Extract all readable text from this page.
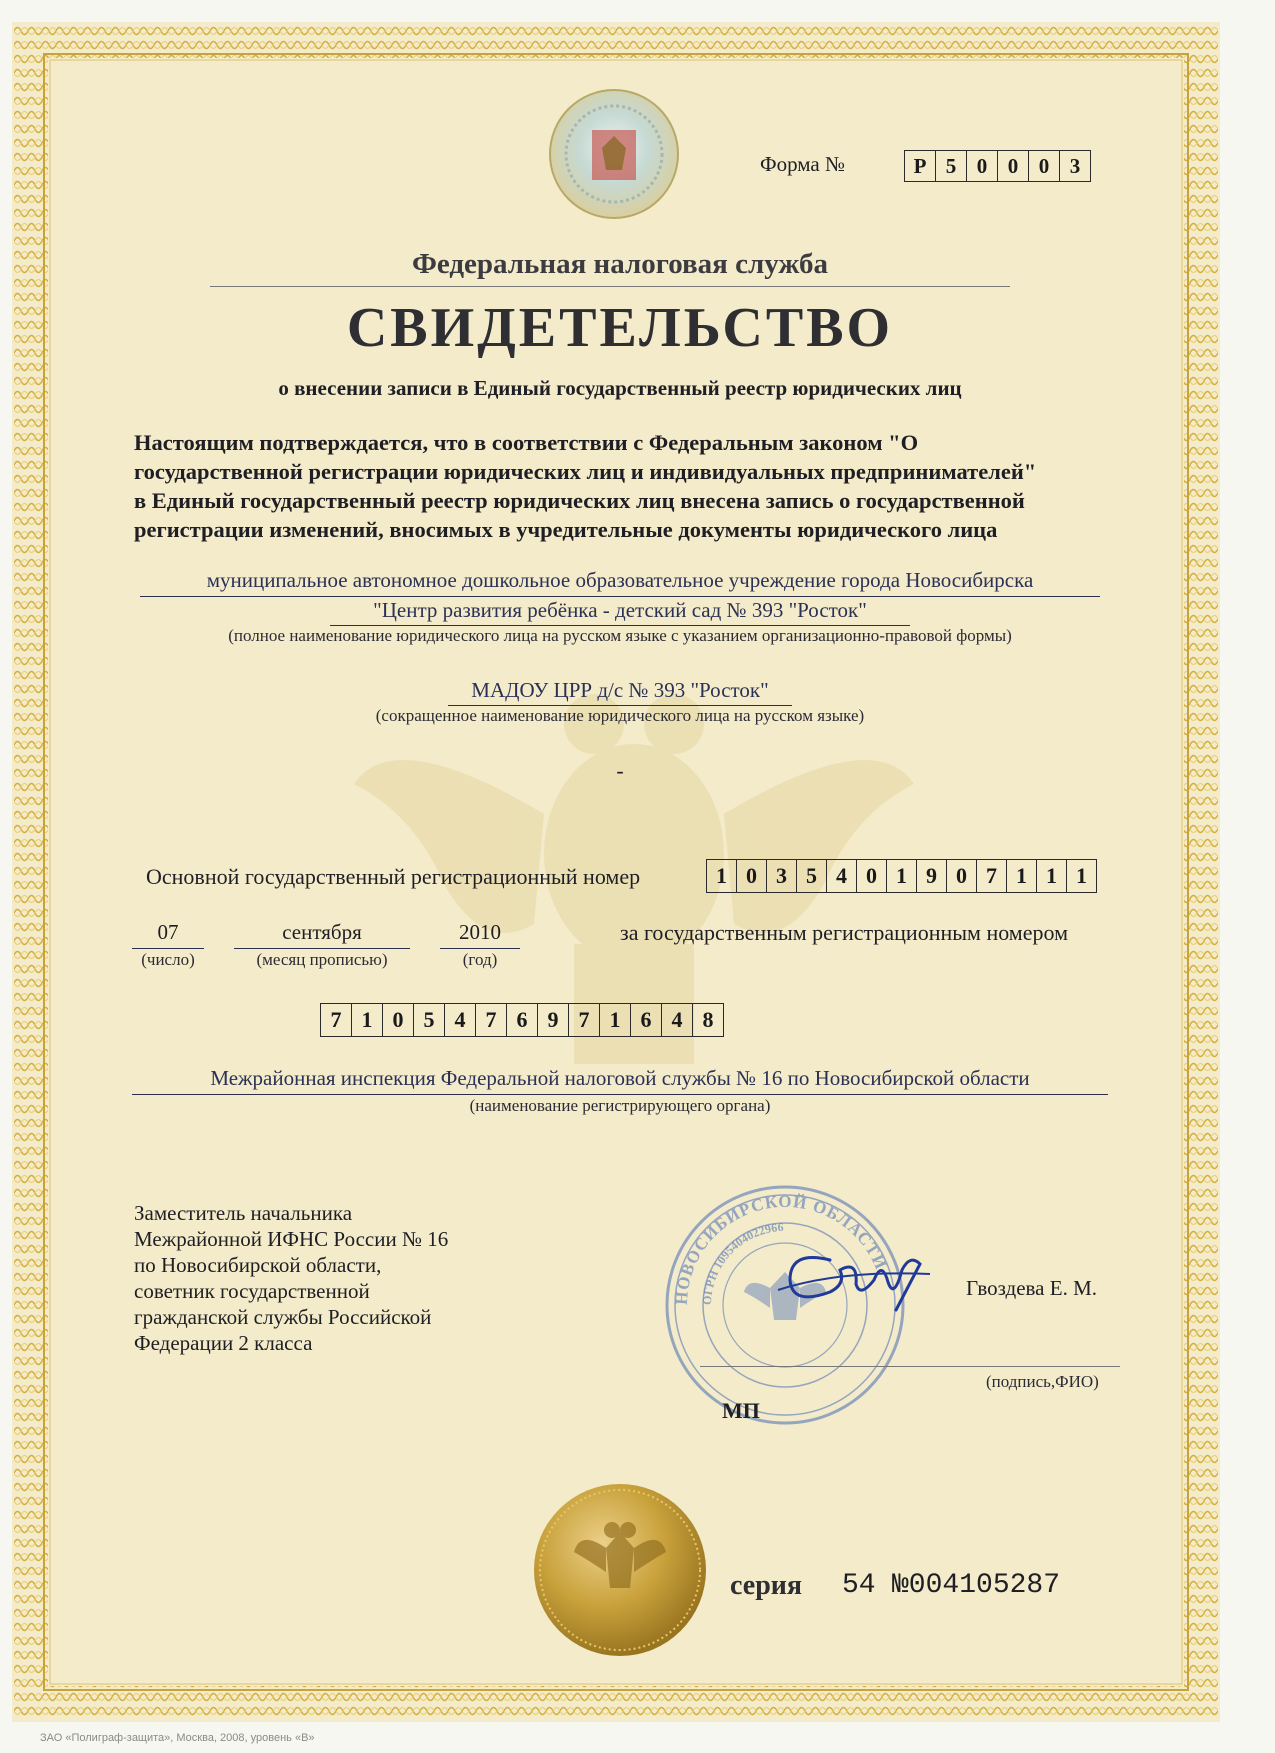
Форма №	Р 5 0 0 0 3
Федеральная налоговая служба
СВИДЕТЕЛЬСТВО
о внесении записи в Единый государственный реестр юридических лиц
Настоящим подтверждается, что в соответствии с Федеральным законом "О
государственной регистрации юридических лиц и индивидуальных предпринимателей"
в Единый государственный реестр юридических лиц внесена запись о государственной
регистрации изменений, вносимых в учредительные документы юридического лица
муниципальное автономное дошкольное образовательное учреждение города Новосибирска
"Центр развития ребёнка - детский сад № 393 "Росток"
(полное наименование юридического лица на русском языке с указанием организационно-правовой формы)
МАДОУ ЦРР д/с № 393 "Росток"
(сокращенное наименование юридического лица на русском языке)
-
Основной государственный регистрационный номер	1 0 3 5 4 0 1 9 0 7 1 1 1
07
(число)
сентября
(месяц прописью)
2010
(год)
за государственным регистрационным номером
7 1 0 5 4 7 6 9 7 1 6 4 8
Межрайонная инспекция Федеральной налоговой службы № 16 по Новосибирской области
(наименование регистрирующего органа)
Заместитель начальника
Межрайонной ИФНС России № 16
по Новосибирской области,
советник государственной
гражданской службы Российской
Федерации 2 класса
НОВОСИБИРСКОЙ ОБЛАСТИ
ОГРН 1095404022966
Гвоздева Е. М.
(подпись,ФИО)
МП
серия 54 №004105287
ЗАО «Полиграф-защита», Москва, 2008, уровень «В»
